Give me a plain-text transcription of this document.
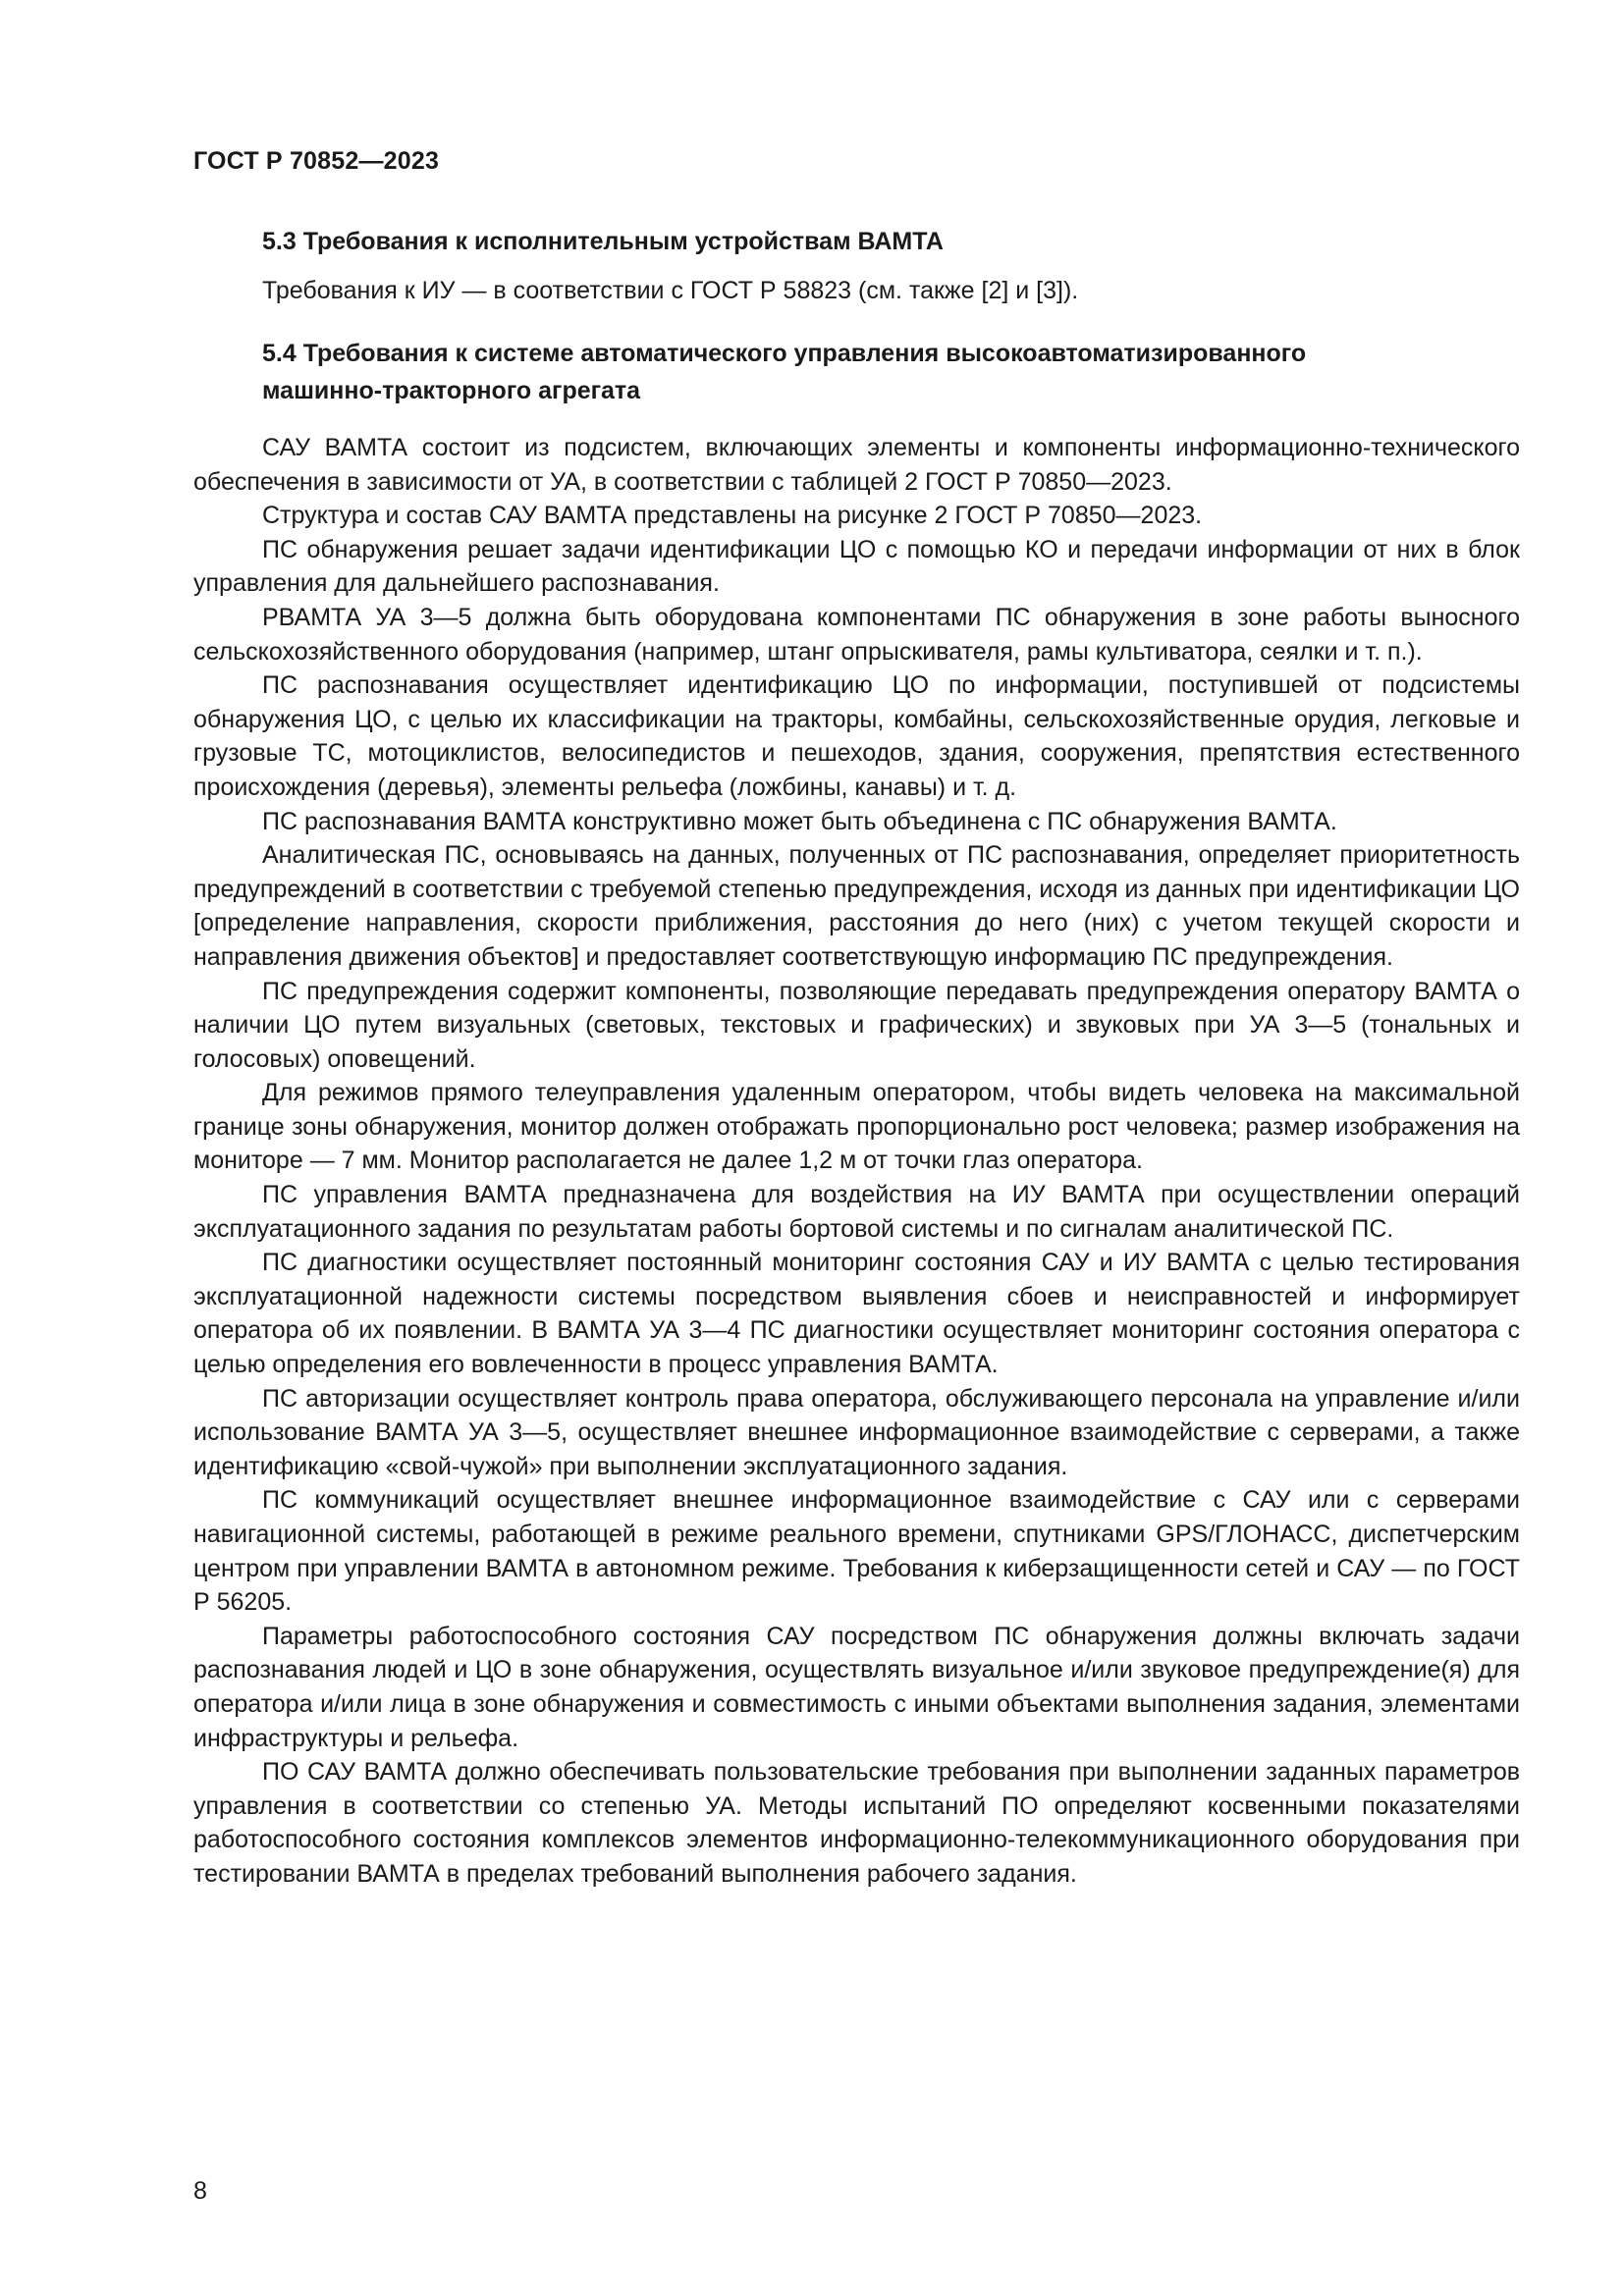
ГОСТ Р 70852—2023
5.3 Требования к исполнительным устройствам ВАМТА
Требования к ИУ — в соответствии с ГОСТ Р 58823 (см. также [2] и [3]).
5.4 Требования к системе автоматического управления высокоавтоматизированного
машинно-тракторного агрегата

САУ ВАМТА состоит из подсистем, включающих элементы и компоненты информационно-технического обеспечения в зависимости от УА, в соответствии с таблицей 2 ГОСТ Р 70850—2023.

Структура и состав САУ ВАМТА представлены на рисунке 2 ГОСТ Р 70850—2023.

ПС обнаружения решает задачи идентификации ЦО с помощью КО и передачи информации от них в блок управления для дальнейшего распознавания.

РВАМТА УА 3—5 должна быть оборудована компонентами ПС обнаружения в зоне работы выносного сельскохозяйственного оборудования (например, штанг опрыскивателя, рамы культиватора, сеялки и т. п.).

ПС распознавания осуществляет идентификацию ЦО по информации, поступившей от подсистемы обнаружения ЦО, с целью их классификации на тракторы, комбайны, сельскохозяйственные орудия, легковые и грузовые ТС, мотоциклистов, велосипедистов и пешеходов, здания, сооружения, препятствия естественного происхождения (деревья), элементы рельефа (ложбины, канавы) и т. д.

ПС распознавания ВАМТА конструктивно может быть объединена с ПС обнаружения ВАМТА.

Аналитическая ПС, основываясь на данных, полученных от ПС распознавания, определяет приоритетность предупреждений в соответствии с требуемой степенью предупреждения, исходя из данных при идентификации ЦО [определение направления, скорости приближения, расстояния до него (них) с учетом текущей скорости и направления движения объектов] и предоставляет соответствующую информацию ПС предупреждения.

ПС предупреждения содержит компоненты, позволяющие передавать предупреждения оператору ВАМТА о наличии ЦО путем визуальных (световых, текстовых и графических) и звуковых при УА 3—5 (тональных и голосовых) оповещений.

Для режимов прямого телеуправления удаленным оператором, чтобы видеть человека на максимальной границе зоны обнаружения, монитор должен отображать пропорционально рост человека; размер изображения на мониторе — 7 мм. Монитор располагается не далее 1,2 м от точки глаз оператора.

ПС управления ВАМТА предназначена для воздействия на ИУ ВАМТА при осуществлении операций эксплуатационного задания по результатам работы бортовой системы и по сигналам аналитической ПС.

ПС диагностики осуществляет постоянный мониторинг состояния САУ и ИУ ВАМТА с целью тестирования эксплуатационной надежности системы посредством выявления сбоев и неисправностей и информирует оператора об их появлении. В ВАМТА УА 3—4 ПС диагностики осуществляет мониторинг состояния оператора с целью определения его вовлеченности в процесс управления ВАМТА.

ПС авторизации осуществляет контроль права оператора, обслуживающего персонала на управление и/или использование ВАМТА УА 3—5, осуществляет внешнее информационное взаимодействие с серверами, а также идентификацию «свой-чужой» при выполнении эксплуатационного задания.

ПС коммуникаций осуществляет внешнее информационное взаимодействие с САУ или с серверами навигационной системы, работающей в режиме реального времени, спутниками GPS/ГЛОНАСС, диспетчерским центром при управлении ВАМТА в автономном режиме. Требования к киберзащищенности сетей и САУ — по ГОСТ Р 56205.

Параметры работоспособного состояния САУ посредством ПС обнаружения должны включать задачи распознавания людей и ЦО в зоне обнаружения, осуществлять визуальное и/или звуковое предупреждение(я) для оператора и/или лица в зоне обнаружения и совместимость с иными объектами выполнения задания, элементами инфраструктуры и рельефа.

ПО САУ ВАМТА должно обеспечивать пользовательские требования при выполнении заданных параметров управления в соответствии со степенью УА. Методы испытаний ПО определяют косвенными показателями работоспособного состояния комплексов элементов информационно-телекоммуникационного оборудования при тестировании ВАМТА в пределах требований выполнения рабочего задания.

8
